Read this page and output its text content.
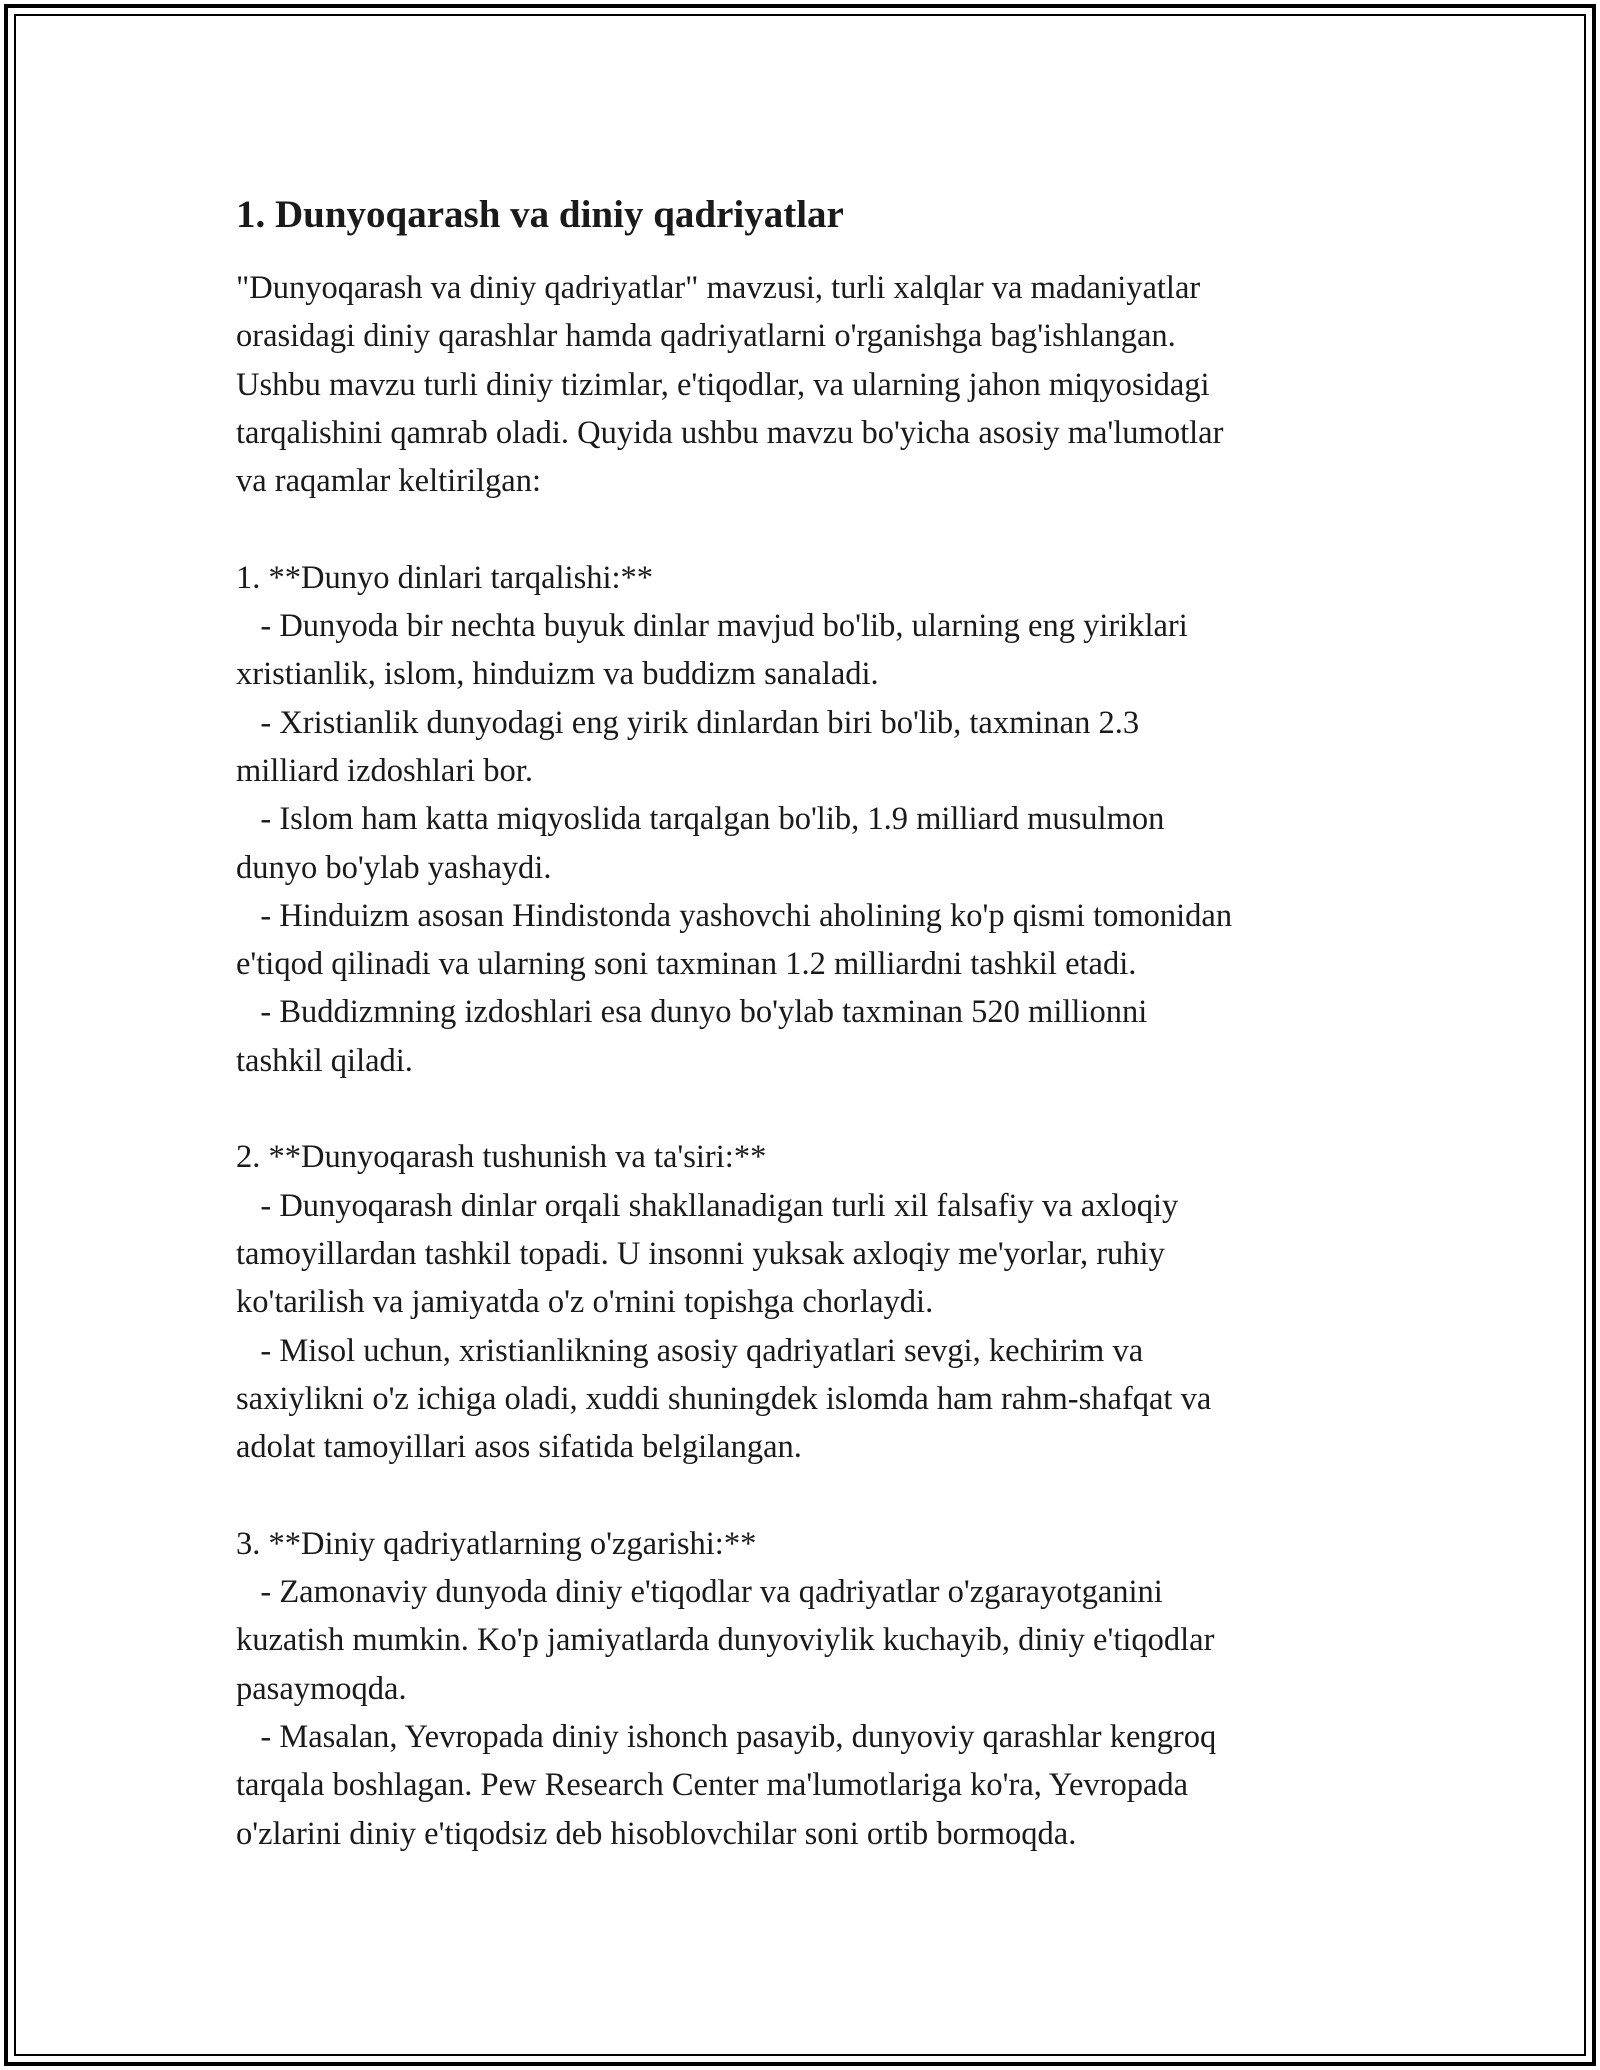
1. Dunyoqarash va diniy qadriyatlar

"Dunyoqarash va diniy qadriyatlar" mavzusi, turli xalqlar va madaniyatlar
orasidagi diniy qarashlar hamda qadriyatlarni o'rganishga bag'ishlangan.
Ushbu mavzu turli diniy tizimlar, e'tiqodlar, va ularning jahon miqyosidagi
tarqalishini qamrab oladi. Quyida ushbu mavzu bo'yicha asosiy ma'lumotlar
va raqamlar keltirilgan:

1. **Dunyo dinlari tarqalishi:**
- Dunyoda bir nechta buyuk dinlar mavjud bo'lib, ularning eng yiriklari
xristianlik, islom, hinduizm va buddizm sanaladi.
- Xristianlik dunyodagi eng yirik dinlardan biri bo'lib, taxminan 2.3
milliard izdoshlari bor.
- Islom ham katta miqyoslida tarqalgan bo'lib, 1.9 milliard musulmon
dunyo bo'ylab yashaydi.
- Hinduizm asosan Hindistonda yashovchi aholining ko'p qismi tomonidan
e'tiqod qilinadi va ularning soni taxminan 1.2 milliardni tashkil etadi.
- Buddizmning izdoshlari esa dunyo bo'ylab taxminan 520 millionni
tashkil qiladi.

2. **Dunyoqarash tushunish va ta'siri:**
- Dunyoqarash dinlar orqali shakllanadigan turli xil falsafiy va axloqiy
tamoyillardan tashkil topadi. U insonni yuksak axloqiy me'yorlar, ruhiy
ko'tarilish va jamiyatda o'z o'rnini topishga chorlaydi.
- Misol uchun, xristianlikning asosiy qadriyatlari sevgi, kechirim va
saxiylikni o'z ichiga oladi, xuddi shuningdek islomda ham rahm-shafqat va
adolat tamoyillari asos sifatida belgilangan.

3. **Diniy qadriyatlarning o'zgarishi:**
- Zamonaviy dunyoda diniy e'tiqodlar va qadriyatlar o'zgarayotganini
kuzatish mumkin. Ko'p jamiyatlarda dunyoviylik kuchayib, diniy e'tiqodlar
pasaymoqda.
- Masalan, Yevropada diniy ishonch pasayib, dunyoviy qarashlar kengroq
tarqala boshlagan. Pew Research Center ma'lumotlariga ko'ra, Yevropada
o'zlarini diniy e'tiqodsiz deb hisoblovchilar soni ortib bormoqda.
